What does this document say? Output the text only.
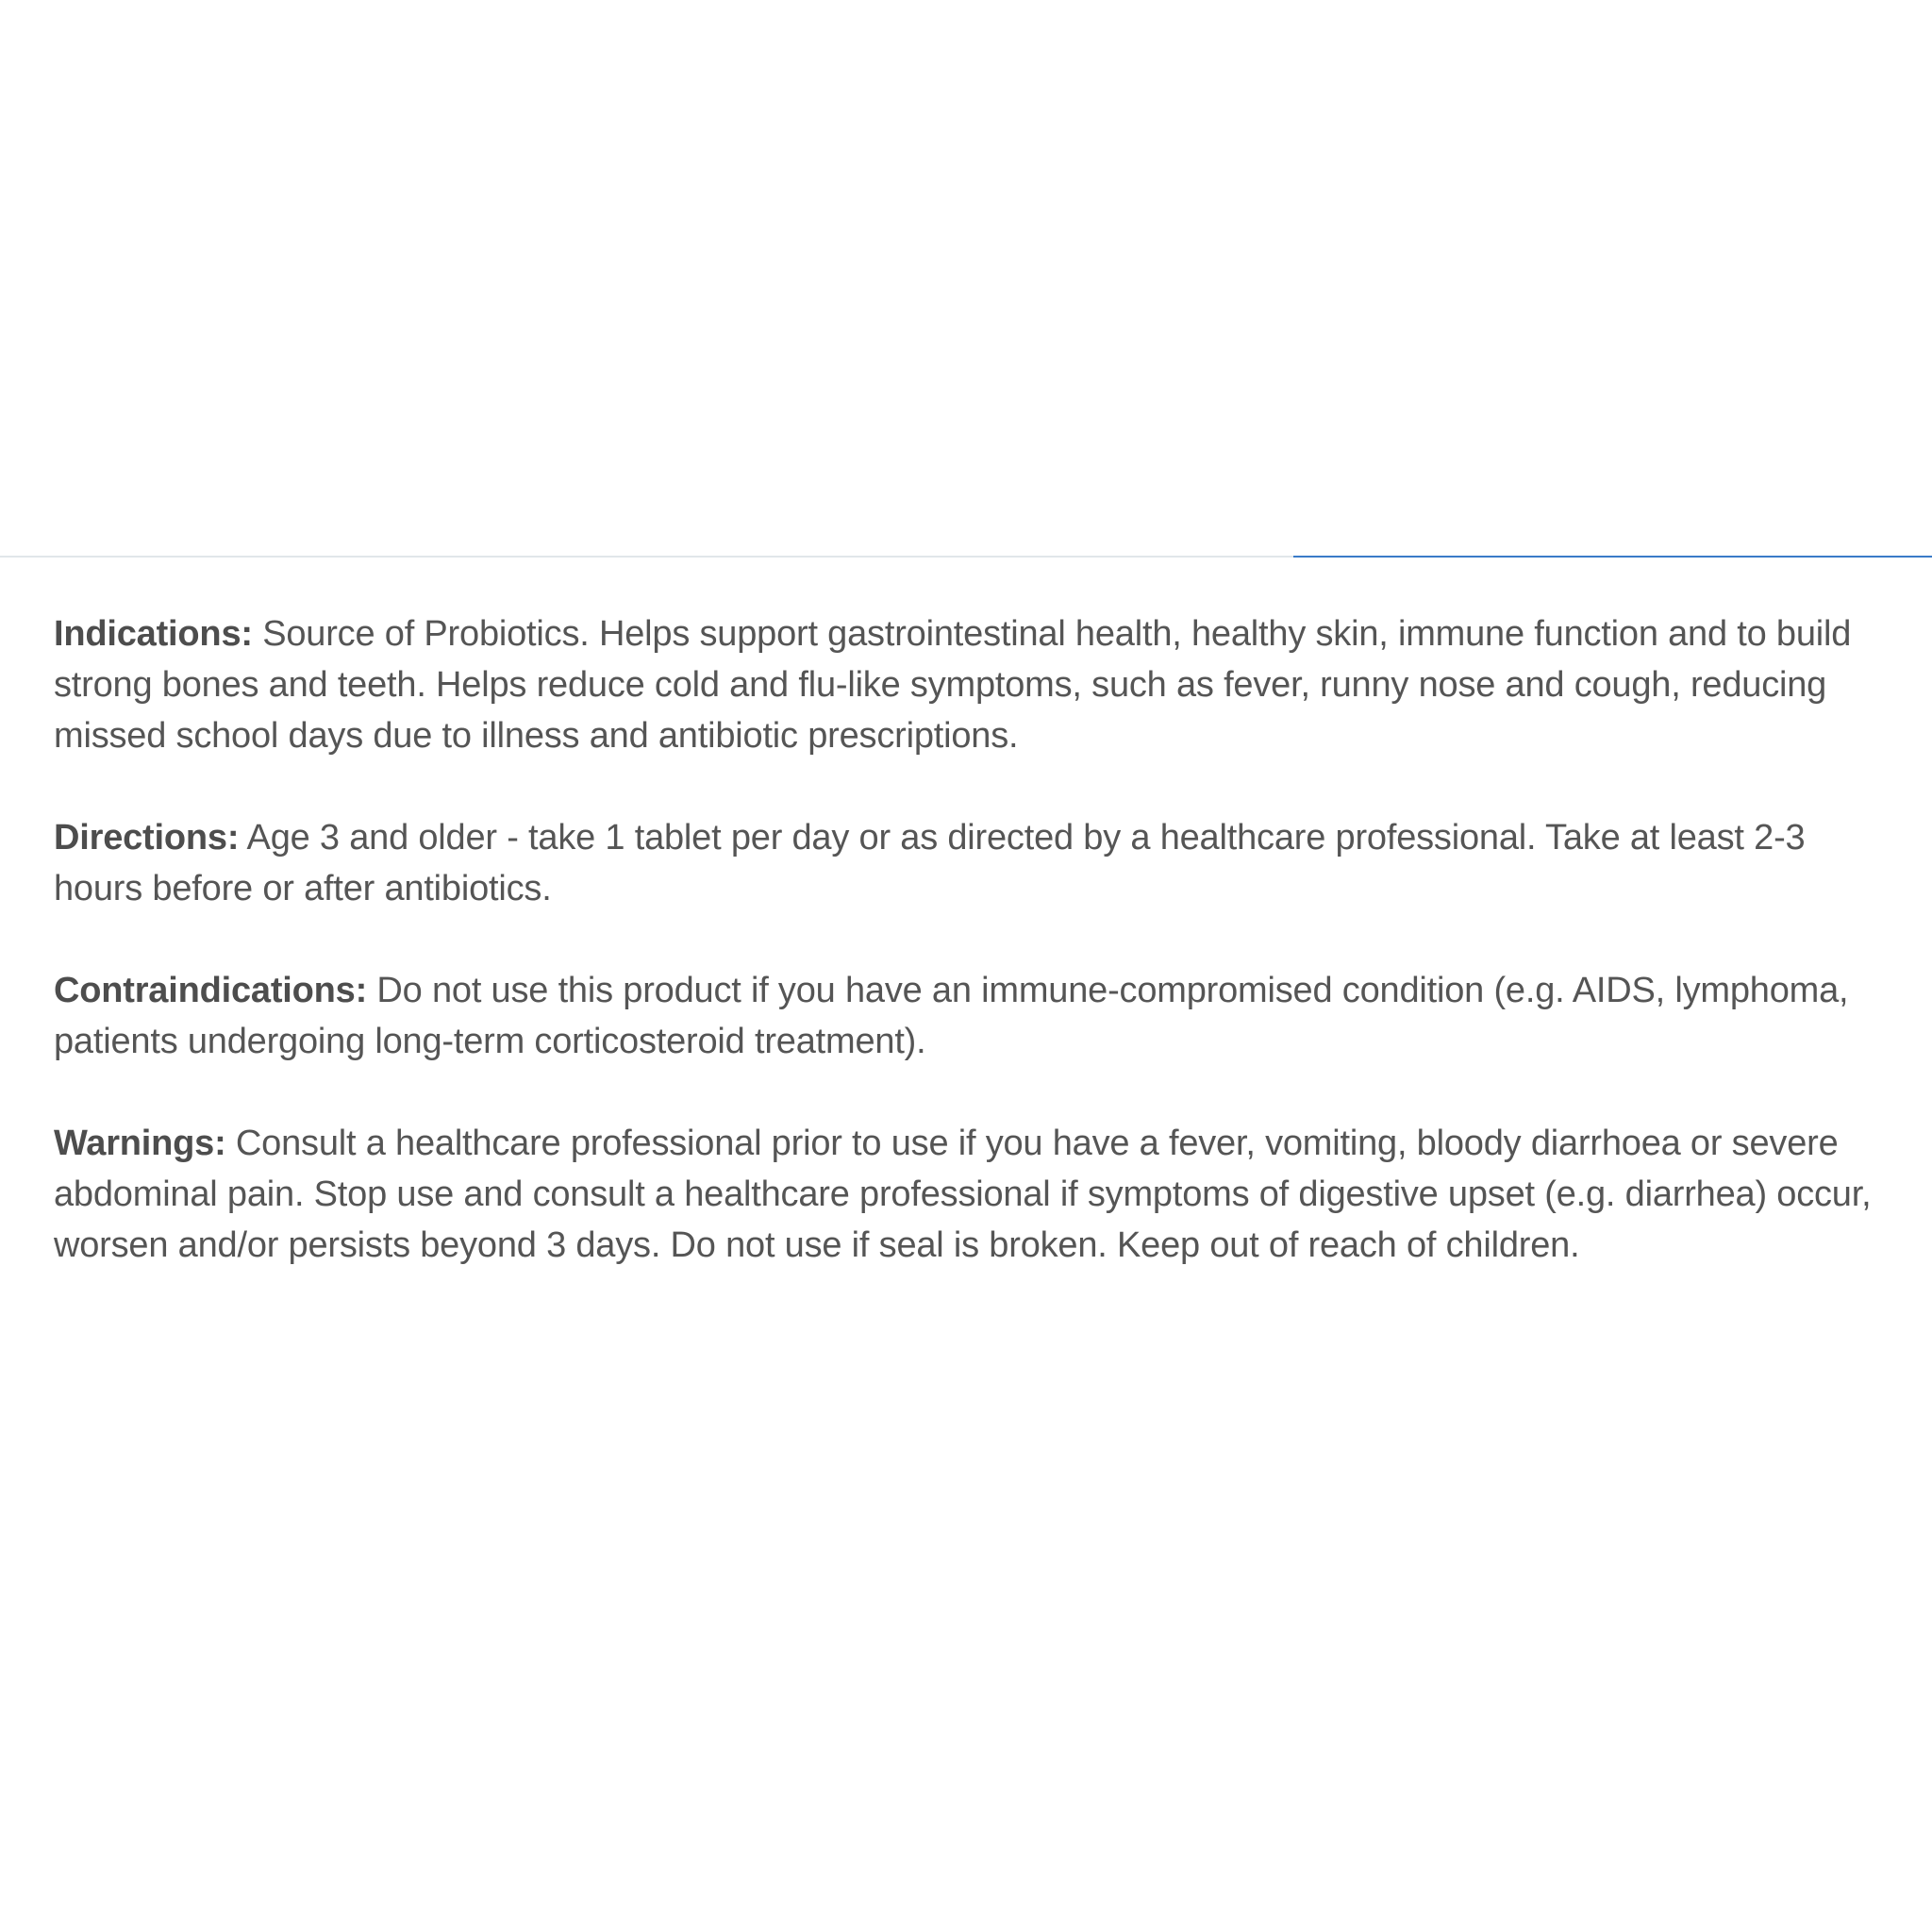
Indications: Source of Probiotics. Helps support gastrointestinal health, healthy skin, immune function and to build strong bones and teeth. Helps reduce cold and flu-like symptoms, such as fever, runny nose and cough, reducing missed school days due to illness and antibiotic prescriptions.

Directions: Age 3 and older - take 1 tablet per day or as directed by a healthcare professional. Take at least 2-3 hours before or after antibiotics.

Contraindications: Do not use this product if you have an immune-compromised condition (e.g. AIDS, lymphoma, patients undergoing long-term corticosteroid treatment).

Warnings: Consult a healthcare professional prior to use if you have a fever, vomiting, bloody diarrhoea or severe abdominal pain. Stop use and consult a healthcare professional if symptoms of digestive upset (e.g. diarrhea) occur, worsen and/or persists beyond 3 days. Do not use if seal is broken. Keep out of reach of children.
